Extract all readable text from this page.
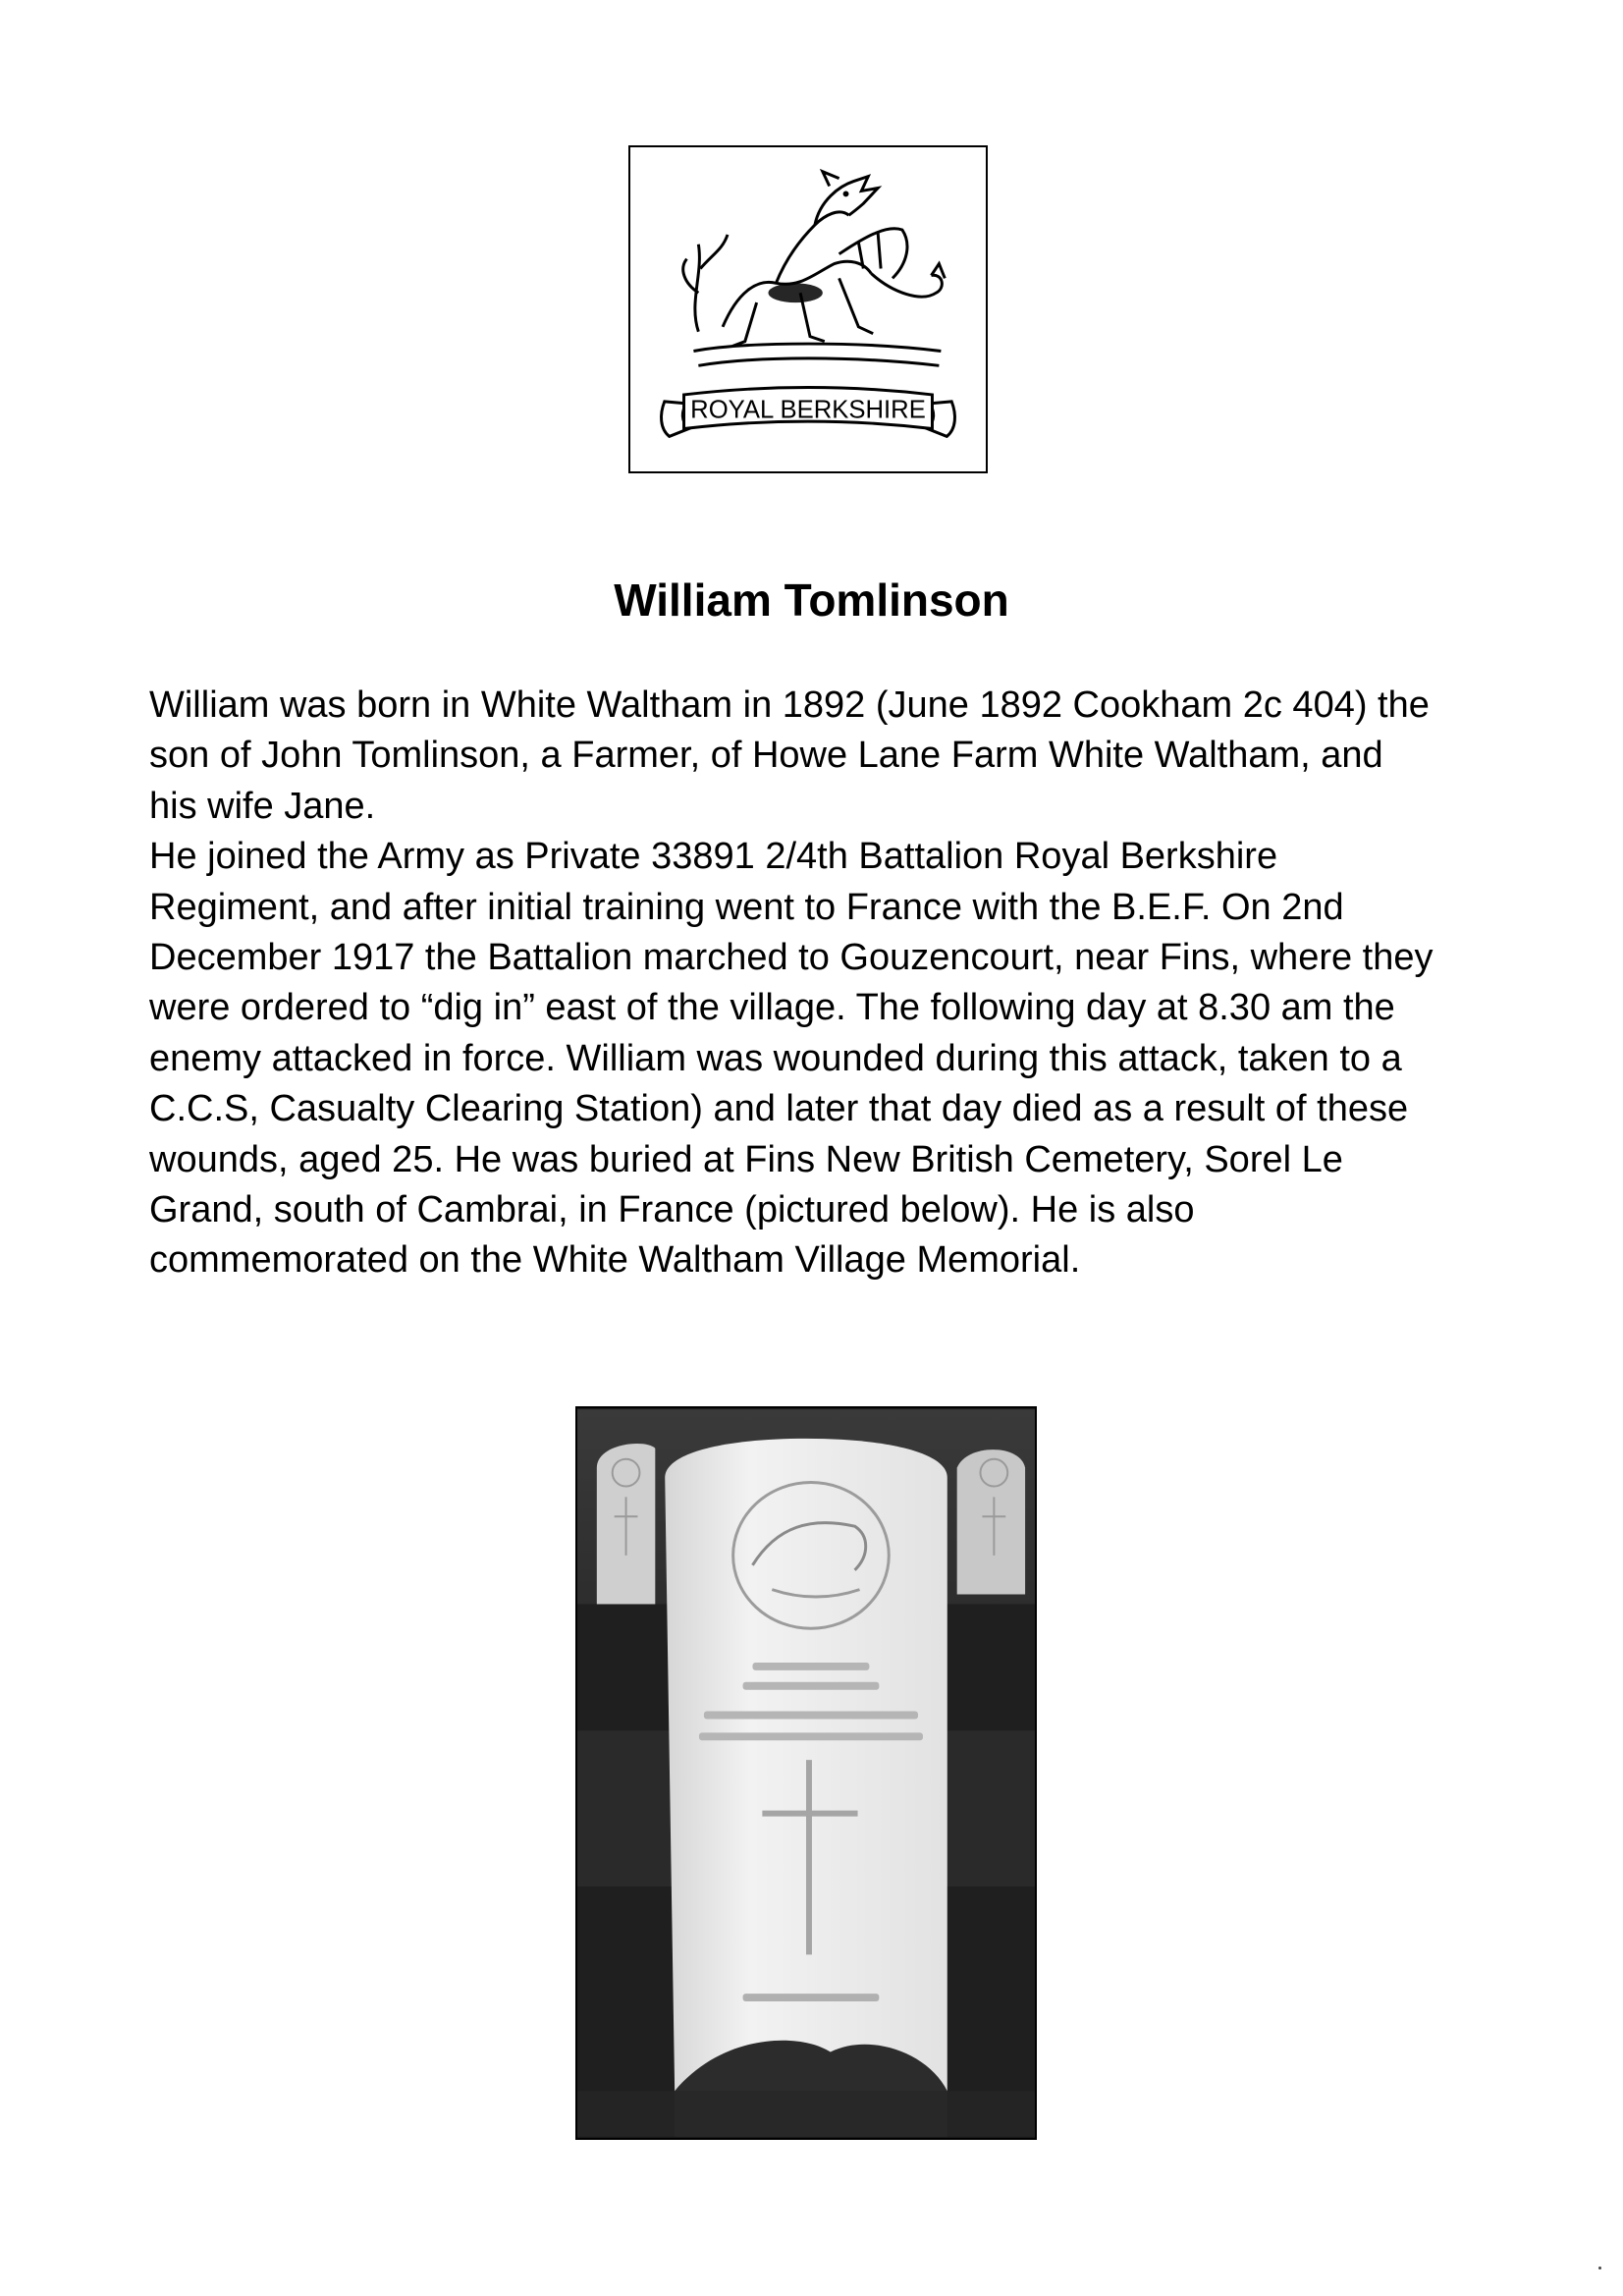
ROYAL BERKSHIRE
William Tomlinson

William was born in White Waltham in 1892 (June 1892 Cookham 2c 404) the son of John Tomlinson, a Farmer, of Howe Lane Farm White Waltham, and his wife Jane.

He joined the Army as Private 33891 2/4th Battalion Royal Berkshire Regiment, and after initial training went to France with the B.E.F. On 2nd December 1917 the Battalion marched to Gouzencourt, near Fins, where they were ordered to “dig in” east of the village. The following day at 8.30 am the enemy attacked in force. William was wounded during this attack, taken to a C.C.S, Casualty Clearing Station) and later that day died as a result of these wounds, aged 25. He was buried at Fins New British Cemetery, Sorel Le Grand, south of Cambrai, in France (pictured below). He is also commemorated on the White Waltham Village Memorial.
